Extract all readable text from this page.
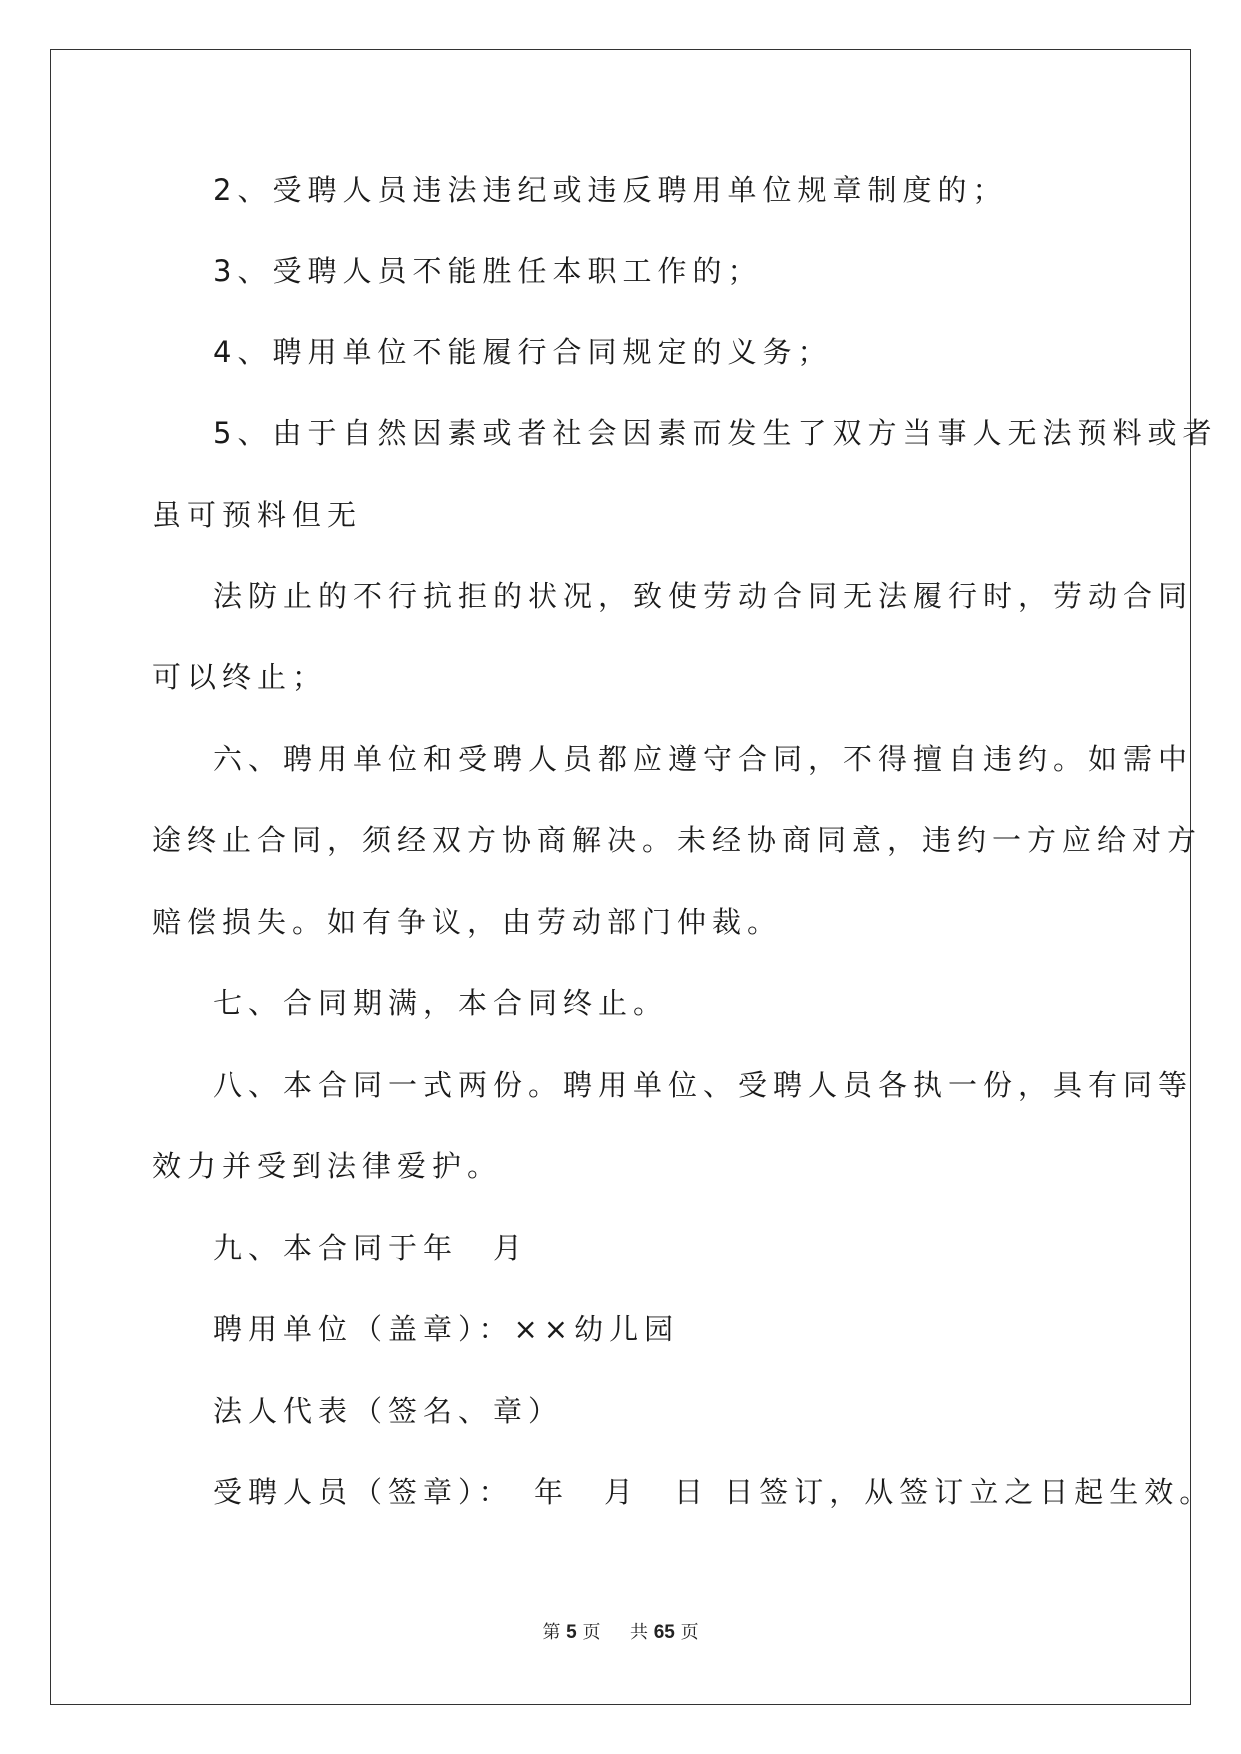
2、受聘人员违法违纪或违反聘用单位规章制度的；
3、受聘人员不能胜任本职工作的；
4、聘用单位不能履行合同规定的义务；
5、由于自然因素或者社会因素而发生了双方当事人无法预料或者
虽可预料但无
法防止的不行抗拒的状况，致使劳动合同无法履行时，劳动合同
可以终止；
六、聘用单位和受聘人员都应遵守合同，不得擅自违约。如需中
途终止合同，须经双方协商解决。未经协商同意，违约一方应给对方
赔偿损失。如有争议，由劳动部门仲裁。
七、合同期满，本合同终止。
八、本合同一式两份。聘用单位、受聘人员各执一份，具有同等
效力并受到法律爱护。
九、本合同于年　月
聘用单位（盖章）：××幼儿园
法人代表（签名、章）
受聘人员（签章）：　年　月　日 日签订，从签订立之日起生效。
第 5 页 共 65 页
